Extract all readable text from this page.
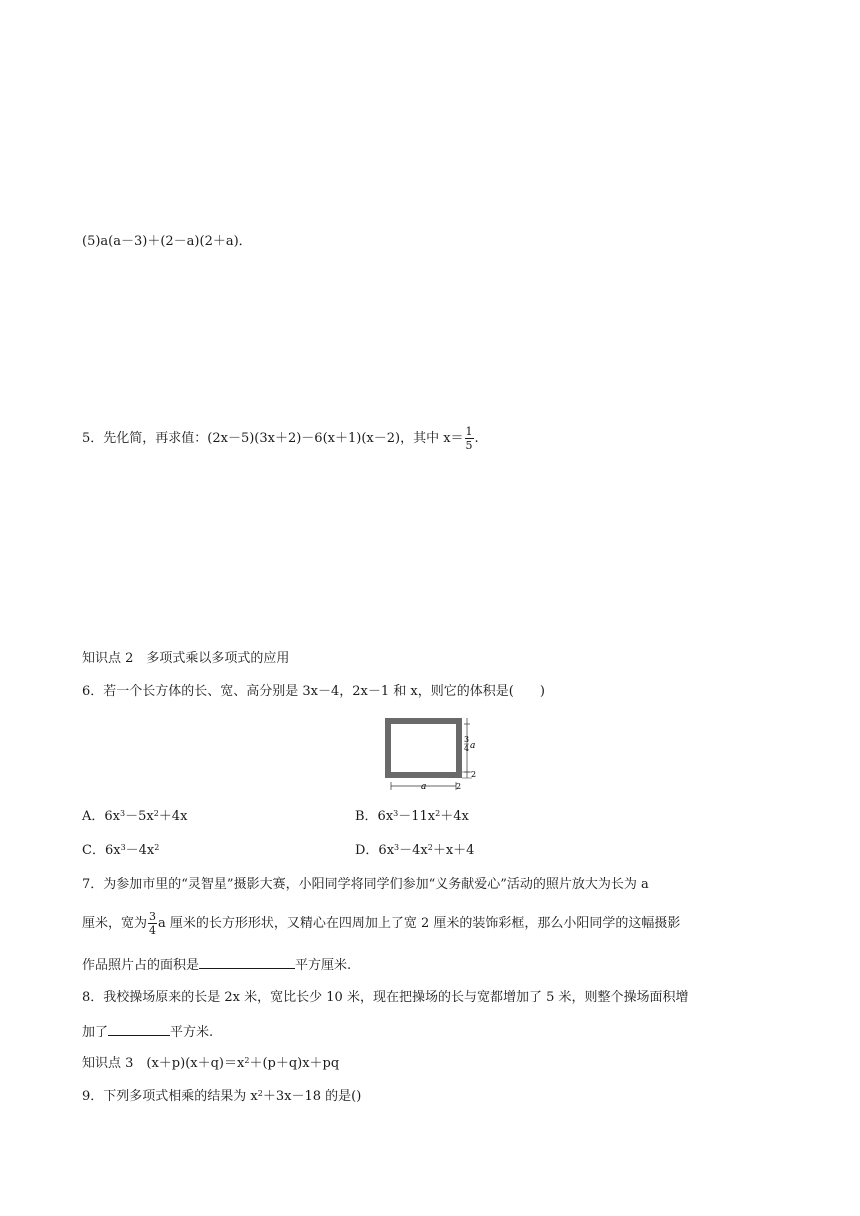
(5)a(a－3)＋(2－a)(2＋a)．
5．先化简，再求值：(2x－5)(3x＋2)－6(x＋1)(x－2)，其中 $x= \frac{1}{5}$ .
知识点 2　多项式乘以多项式的应用
6．若一个长方体的长、宽、高分别是 3x－4，2x－1 和 x，则它的体积是(　　)
3
4 a
a
2
2
A．$6x^3-5x^2+4x$	B．$6x^3-11x^2+4x$
C．$6x^3-4x^2$	D．$6x^3-4x^2+x+4$
7．为参加市里的“灵智星”摄影大赛，小阳同学将同学们参加“义务献爱心”活动的照片放大为长为 a
厘米，宽为 $\frac{3}{4}$ a 厘米的长方形形状，又精心在四周加上了宽 2 厘米的装饰彩框，那么小阳同学的这幅摄影
作品照片占的面积是	平方厘米.
8．我校操场原来的长是 2x 米，宽比长少 10 米，现在把操场的长与宽都增加了 5 米，则整个操场面积增
加了	平方米.
知识点 3　$(x+p)(x+q)=x^2+(p+q)x+pq$
9．下列多项式相乘的结果为 $x^2+3x-18$ 的是()
